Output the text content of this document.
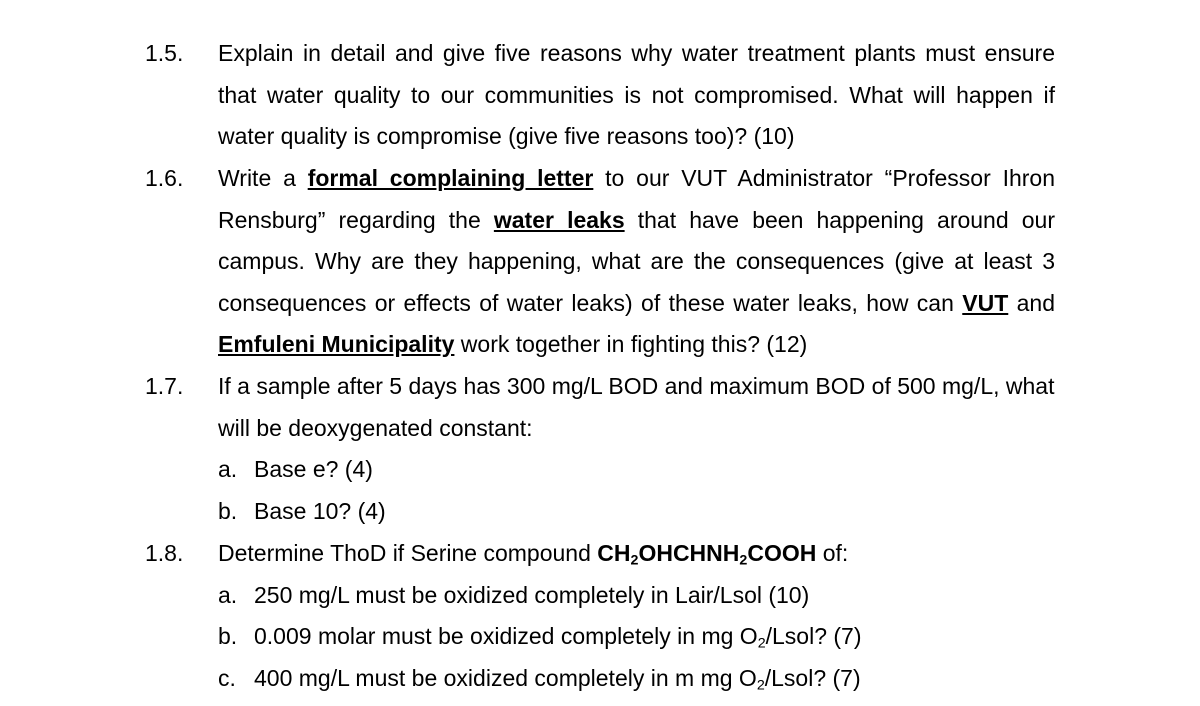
1.5. Explain in detail and give five reasons why water treatment plants must ensure that water quality to our communities is not compromised. What will happen if water quality is compromise (give five reasons too)? (10)
1.6. Write a formal complaining letter to our VUT Administrator “Professor Ihron Rensburg” regarding the water leaks that have been happening around our campus. Why are they happening, what are the consequences (give at least 3 consequences or effects of water leaks) of these water leaks, how can VUT and Emfuleni Municipality work together in fighting this? (12)
1.7. If a sample after 5 days has 300 mg/L BOD and maximum BOD of 500 mg/L, what will be deoxygenated constant:
a. Base e? (4)
b. Base 10? (4)
1.8. Determine ThoD if Serine compound $CH_2OHCHNH_2COOH$ of:
a. 250 mg/L must be oxidized completely in Lair/Lsol (10)
b. 0.009 molar must be oxidized completely in mg $O_2$/Lsol? (7)
c. 400 mg/L must be oxidized completely in m mg $O_2$/Lsol? (7)
